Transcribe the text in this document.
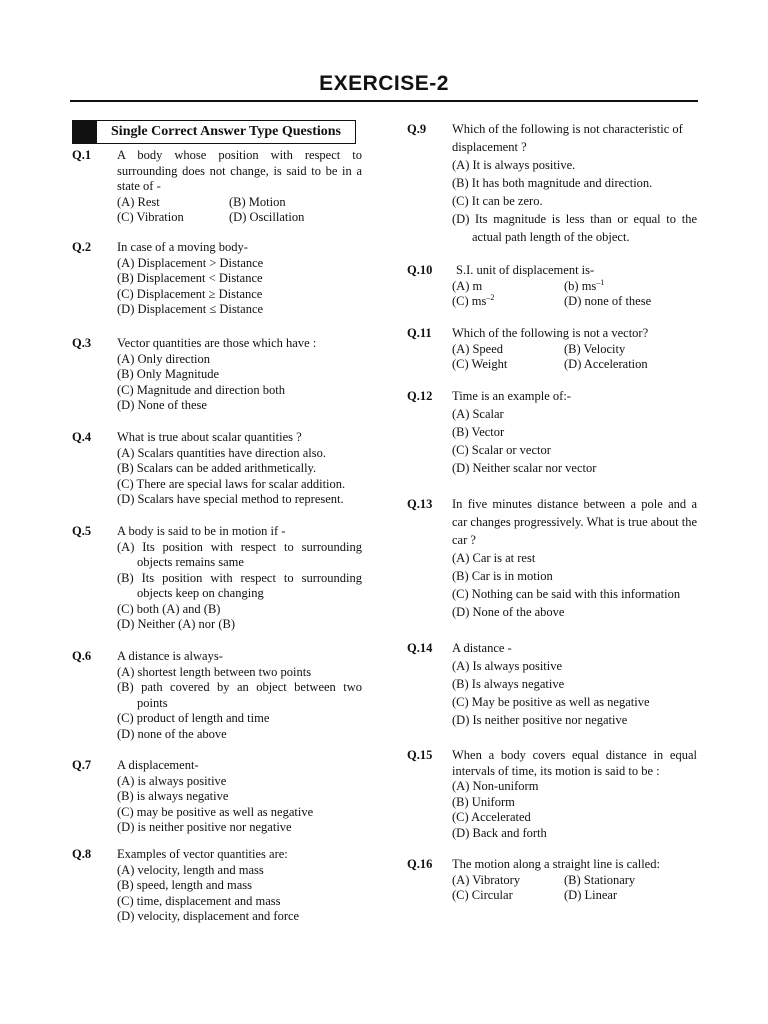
EXERCISE-2
Single Correct Answer Type Questions
Q.1 A body whose position with respect to surrounding does not change, is said to be in a state of -
(A) Rest	(B) Motion
(C) Vibration	(D) Oscillation
Q.2 In case of a moving body-
(A) Displacement > Distance
(B) Displacement < Distance
(C) Displacement ≥ Distance
(D) Displacement ≤ Distance
Q.3 Vector quantities are those which have :
(A) Only direction
(B) Only Magnitude
(C) Magnitude and direction both
(D) None of these
Q.4 What is true about scalar quantities ?
(A) Scalars quantities have direction also.
(B) Scalars can be added arithmetically.
(C) There are special laws for scalar addition.
(D) Scalars have special method to represent.
Q.5 A body is said to be in motion if -
(A) Its position with respect to surrounding objects remains same
(B) Its position with respect to surrounding objects keep on changing
(C) both (A) and (B)
(D) Neither (A) nor (B)
Q.6 A distance is always-
(A) shortest length between two points
(B) path covered by an object between two points
(C) product of length and time
(D) none of the above
Q.7 A displacement-
(A) is always positive
(B) is always negative
(C) may be positive as well as negative
(D) is neither positive nor negative
Q.8 Examples of vector quantities are:
(A) velocity, length and mass
(B) speed, length and mass
(C) time, displacement and mass
(D) velocity, displacement and force
Q.9 Which of the following is not characteristic of displacement ?
(A) It is always positive.
(B) It has both magnitude and direction.
(C) It can be zero.
(D) Its magnitude is less than or equal to the actual path length of the object.
Q.10	S.I. unit of displacement is-
(A) m	(b) $ms^{-1}$
(C) $ms^{-2}$	(D) none of these
Q.11 Which of the following is not a vector?
(A) Speed	(B) Velocity
(C) Weight	(D) Acceleration
Q.12 Time is an example of:-
(A) Scalar
(B) Vector
(C) Scalar or vector
(D) Neither scalar nor vector
Q.13 In five minutes distance between a pole and a car changes progressively. What is true about the car ?
(A) Car is at rest
(B) Car is in motion
(C) Nothing can be said with this information
(D) None of the above
Q.14 A distance -
(A) Is always positive
(B) Is always negative
(C) May be positive as well as negative
(D) Is neither positive nor negative
Q.15 When a body covers equal distance in equal intervals of time, its motion is said to be :
(A) Non-uniform
(B) Uniform
(C) Accelerated
(D) Back and forth
Q.16 The motion along a straight line is called:
(A) Vibratory	(B) Stationary
(C) Circular	(D) Linear
